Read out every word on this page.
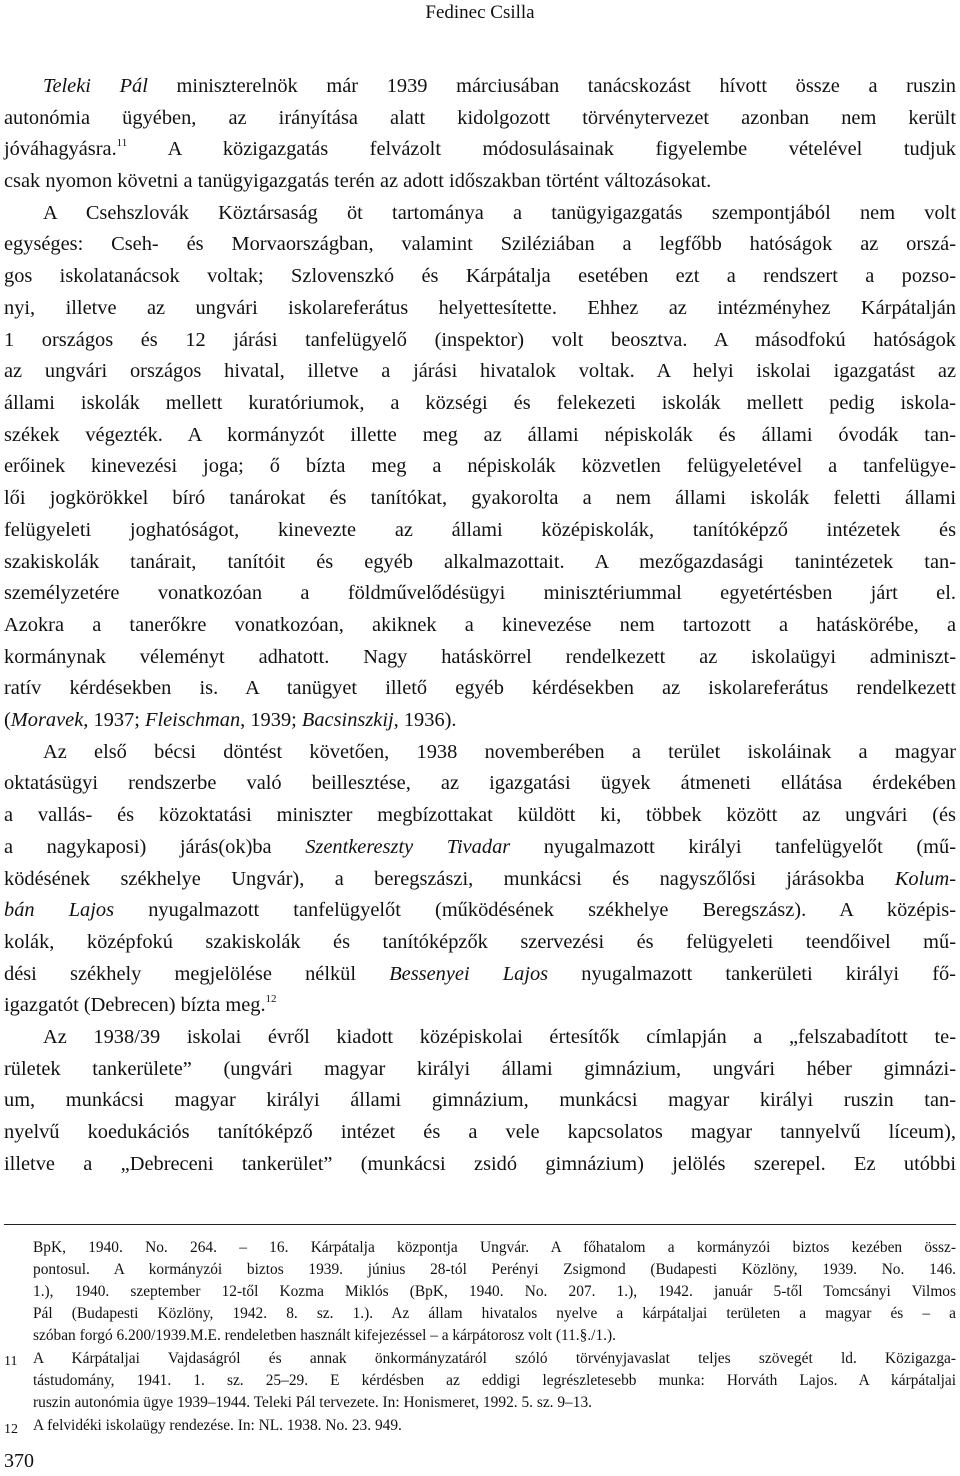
Fedinec Csilla
Teleki Pál miniszterelnök már 1939 márciusában tanácskozást hívott össze a ruszin
autonómia ügyében, az irányítása alatt kidolgozott törvénytervezet azonban nem került
jóváhagyásra.$^{11}$ A közigazgatás felvázolt módosulásainak figyelembe vételével tudjuk
csak nyomon követni a tanügyigazgatás terén az adott időszakban történt változásokat.
A Csehszlovák Köztársaság öt tartománya a tanügyigazgatás szempontjából nem volt
egységes: Cseh- és Morvaországban, valamint Sziléziában a legfőbb hatóságok az orszá-
gos iskolatanácsok voltak; Szlovenszkó és Kárpátalja esetében ezt a rendszert a pozso-
nyi, illetve az ungvári iskolareferátus helyettesítette. Ehhez az intézményhez Kárpátalján
1 országos és 12 járási tanfelügyelő (inspektor) volt beosztva. A másodfokú hatóságok
az ungvári országos hivatal, illetve a járási hivatalok voltak. A helyi iskolai igazgatást az
állami iskolák mellett kuratóriumok, a községi és felekezeti iskolák mellett pedig iskola-
székek végezték. A kormányzót illette meg az állami népiskolák és állami óvodák tan-
erőinek kinevezési joga; ő bízta meg a népiskolák közvetlen felügyeletével a tanfelügye-
lői jogkörökkel bíró tanárokat és tanítókat, gyakorolta a nem állami iskolák feletti állami
felügyeleti joghatóságot, kinevezte az állami középiskolák, tanítóképző intézetek és
szakiskolák tanárait, tanítóit és egyéb alkalmazottait. A mezőgazdasági tanintézetek tan-
személyzetére vonatkozóan a földművelődésügyi minisztériummal egyetértésben járt el.
Azokra a tanerőkre vonatkozóan, akiknek a kinevezése nem tartozott a hatáskörébe, a
kormánynak véleményt adhatott. Nagy hatáskörrel rendelkezett az iskolaügyi adminiszt-
ratív kérdésekben is. A tanügyet illető egyéb kérdésekben az iskolareferátus rendelkezett
(Moravek, 1937; Fleischman, 1939; Bacsinszkij, 1936).
Az első bécsi döntést követően, 1938 novemberében a terület iskoláinak a magyar
oktatásügyi rendszerbe való beillesztése, az igazgatási ügyek átmeneti ellátása érdekében
a vallás- és közoktatási miniszter megbízottakat küldött ki, többek között az ungvári (és
a nagykaposi) járás(ok)ba Szentkereszty Tivadar nyugalmazott királyi tanfelügyelőt (mű-
ködésének székhelye Ungvár), a beregszászi, munkácsi és nagyszőlősi járásokba Kolum-
bán Lajos nyugalmazott tanfelügyelőt (működésének székhelye Beregszász). A középis-
kolák, középfokú szakiskolák és tanítóképzők szervezési és felügyeleti teendőivel mű-
dési székhely megjelölése nélkül Bessenyei Lajos nyugalmazott tankerületi királyi fő-
igazgatót (Debrecen) bízta meg.$^{12}$
Az 1938/39 iskolai évről kiadott középiskolai értesítők címlapján a „felszabadított te-
rületek tankerülete” (ungvári magyar királyi állami gimnázium, ungvári héber gimnázi-
um, munkácsi magyar királyi állami gimnázium, munkácsi magyar királyi ruszin tan-
nyelvű koedukációs tanítóképző intézet és a vele kapcsolatos magyar tannyelvű líceum),
illetve a „Debreceni tankerület” (munkácsi zsidó gimnázium) jelölés szerepel. Ez utóbbi
BpK, 1940. No. 264. – 16. Kárpátalja központja Ungvár. A főhatalom a kormányzói biztos kezében össz-
pontosul. A kormányzói biztos 1939. június 28-tól Perényi Zsigmond (Budapesti Közlöny, 1939. No. 146.
1.), 1940. szeptember 12-től Kozma Miklós (BpK, 1940. No. 207. 1.), 1942. január 5-től Tomcsányi Vilmos
Pál (Budapesti Közlöny, 1942. 8. sz. 1.). Az állam hivatalos nyelve a kárpátaljai területen a magyar és – a
szóban forgó 6.200/1939.M.E. rendeletben használt kifejezéssel – a kárpátorosz volt (11.§./1.).
A Kárpátaljai Vajdaságról és annak önkormányzatáról szóló törvényjavaslat teljes szövegét ld. Közigazga-
tástudomány, 1941. 1. sz. 25–29. E kérdésben az eddigi legrészletesebb munka: Horváth Lajos. A kárpátaljai
ruszin autonómia ügye 1939–1944. Teleki Pál tervezete. In: Honismeret, 1992. 5. sz. 9–13.
A felvidéki iskolaügy rendezése. In: NL. 1938. No. 23. 949.
11
12
370
